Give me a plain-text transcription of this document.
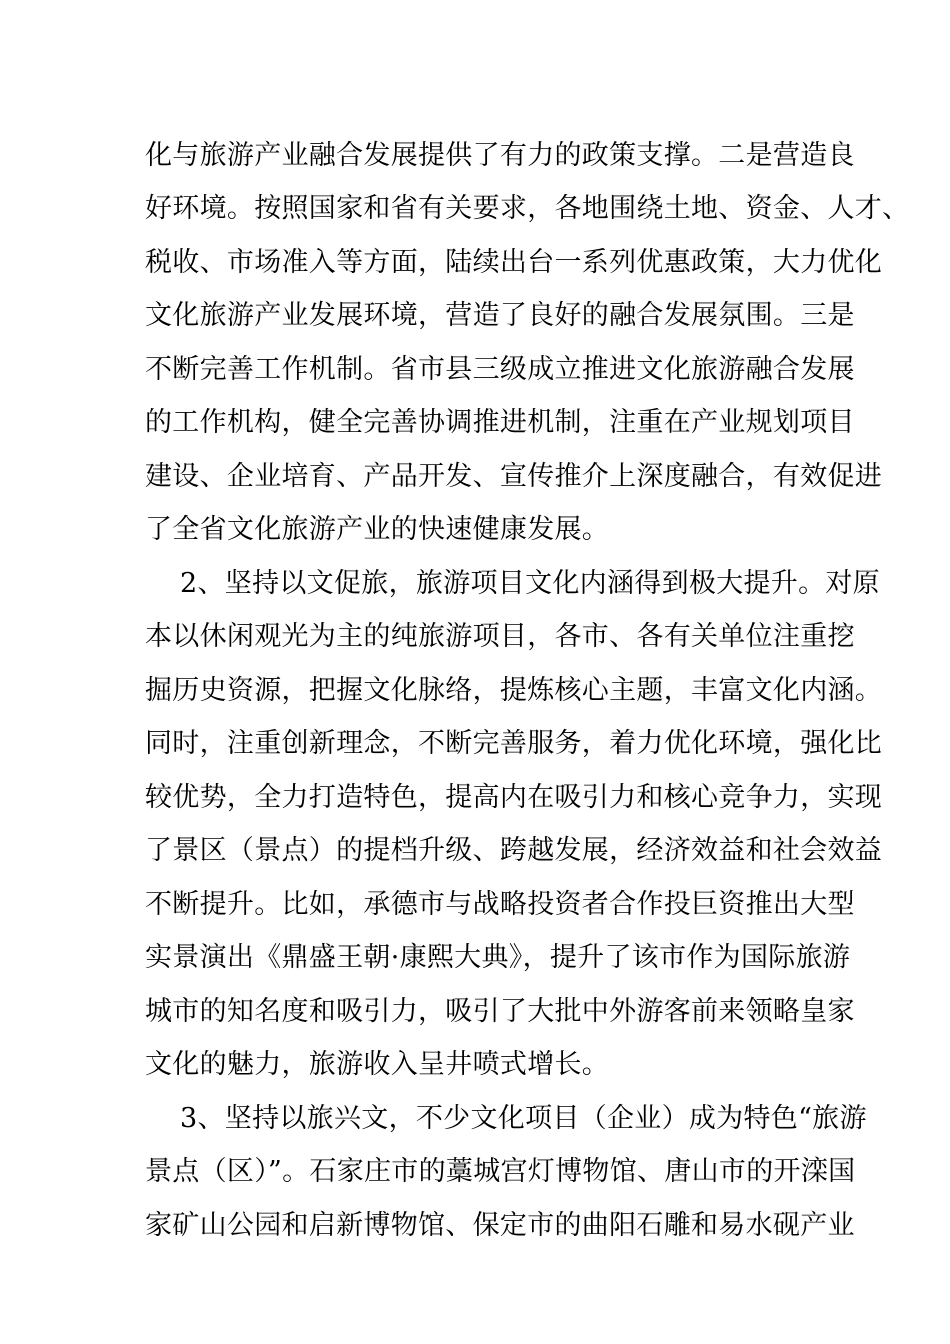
化与旅游产业融合发展提供了有力的政策支撑。二是营造良
好环境。按照国家和省有关要求，各地围绕土地、资金、人才、
税收、市场准入等方面，陆续出台一系列优惠政策，大力优化
文化旅游产业发展环境，营造了良好的融合发展氛围。三是
不断完善工作机制。省市县三级成立推进文化旅游融合发展
的工作机构，健全完善协调推进机制，注重在产业规划项目
建设、企业培育、产品开发、宣传推介上深度融合，有效促进
了全省文化旅游产业的快速健康发展。
2、坚持以文促旅，旅游项目文化内涵得到极大提升。对原
本以休闲观光为主的纯旅游项目，各市、各有关单位注重挖
掘历史资源，把握文化脉络，提炼核心主题，丰富文化内涵。
同时，注重创新理念，不断完善服务，着力优化环境，强化比
较优势，全力打造特色，提高内在吸引力和核心竞争力，实现
了景区（景点）的提档升级、跨越发展，经济效益和社会效益
不断提升。比如，承德市与战略投资者合作投巨资推出大型
实景演出《鼎盛王朝·康熙大典》，提升了该市作为国际旅游
城市的知名度和吸引力，吸引了大批中外游客前来领略皇家
文化的魅力，旅游收入呈井喷式增长。
3、坚持以旅兴文，不少文化项目（企业）成为特色“旅游
景点（区）”。石家庄市的藁城宫灯博物馆、唐山市的开滦国
家矿山公园和启新博物馆、保定市的曲阳石雕和易水砚产业
